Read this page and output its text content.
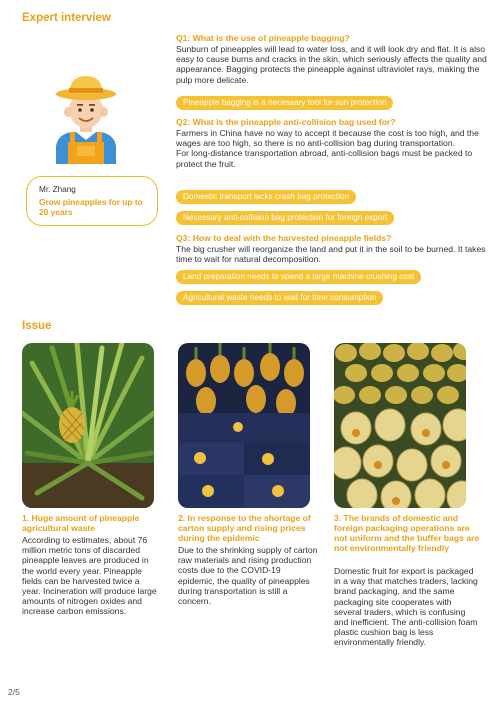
Expert interview
Mr. Zhang
Grow pineapples for up to 20 years
Q1: What is the use of pineapple bagging?
Sunburn of pineapples will lead to water loss, and it will look dry and flat. It is also easy to cause burns and cracks in the skin, which seriously affects the quality and appearance. Bagging protects the pineapple against ultraviolet rays, making the pulp more delicate.
Pineapple bagging is a necessary tool for sun protection
Q2: What is the pineapple anti-collision bag used for?
Farmers in China have no way to accept it because the cost is too high, and the wages are too high, so there is no anti-collision bag during transportation.
For long-distance transportation abroad, anti-collision bags must be packed to protect the fruit.
Domestic transport lacks crash bag protection
Necessary anti-collision bag protection for foreign export
Q3: How to deal with the harvested pineapple fields?
The big crusher will reorganize the land and put it in the soil to be burned. It takes time to wait for natural decomposition.
Land preparation needs to spend a large machine crushing cost
Agricultural waste needs to wait for time consumption
Issue
1. Huge amount of pineapple agricultural waste
According to estimates, about 76 million metric tons of discarded pineapple leaves are produced in the world every year. Pineapple fields can be harvested twice a year. Incineration will produce large amounts of nitrogen oxides and increase carbon emissions.
2. In response to the shortage of carton supply and rising prices during the epidemic
Due to the shrinking supply of carton raw materials and rising production costs due to the COVID-19 epidemic, the quality of pineapples during transportation is still a concern.
3. The brands of domestic and foreign packaging operations are not uniform and the buffer bags are not environmentally friendly
Domestic fruit for export is packaged in a way that matches traders, lacking brand packaging, and the same packaging site cooperates with several traders, which is confusing and inefficient. The anti-collision foam plastic cushion bag is less environmentally friendly.
2/5
